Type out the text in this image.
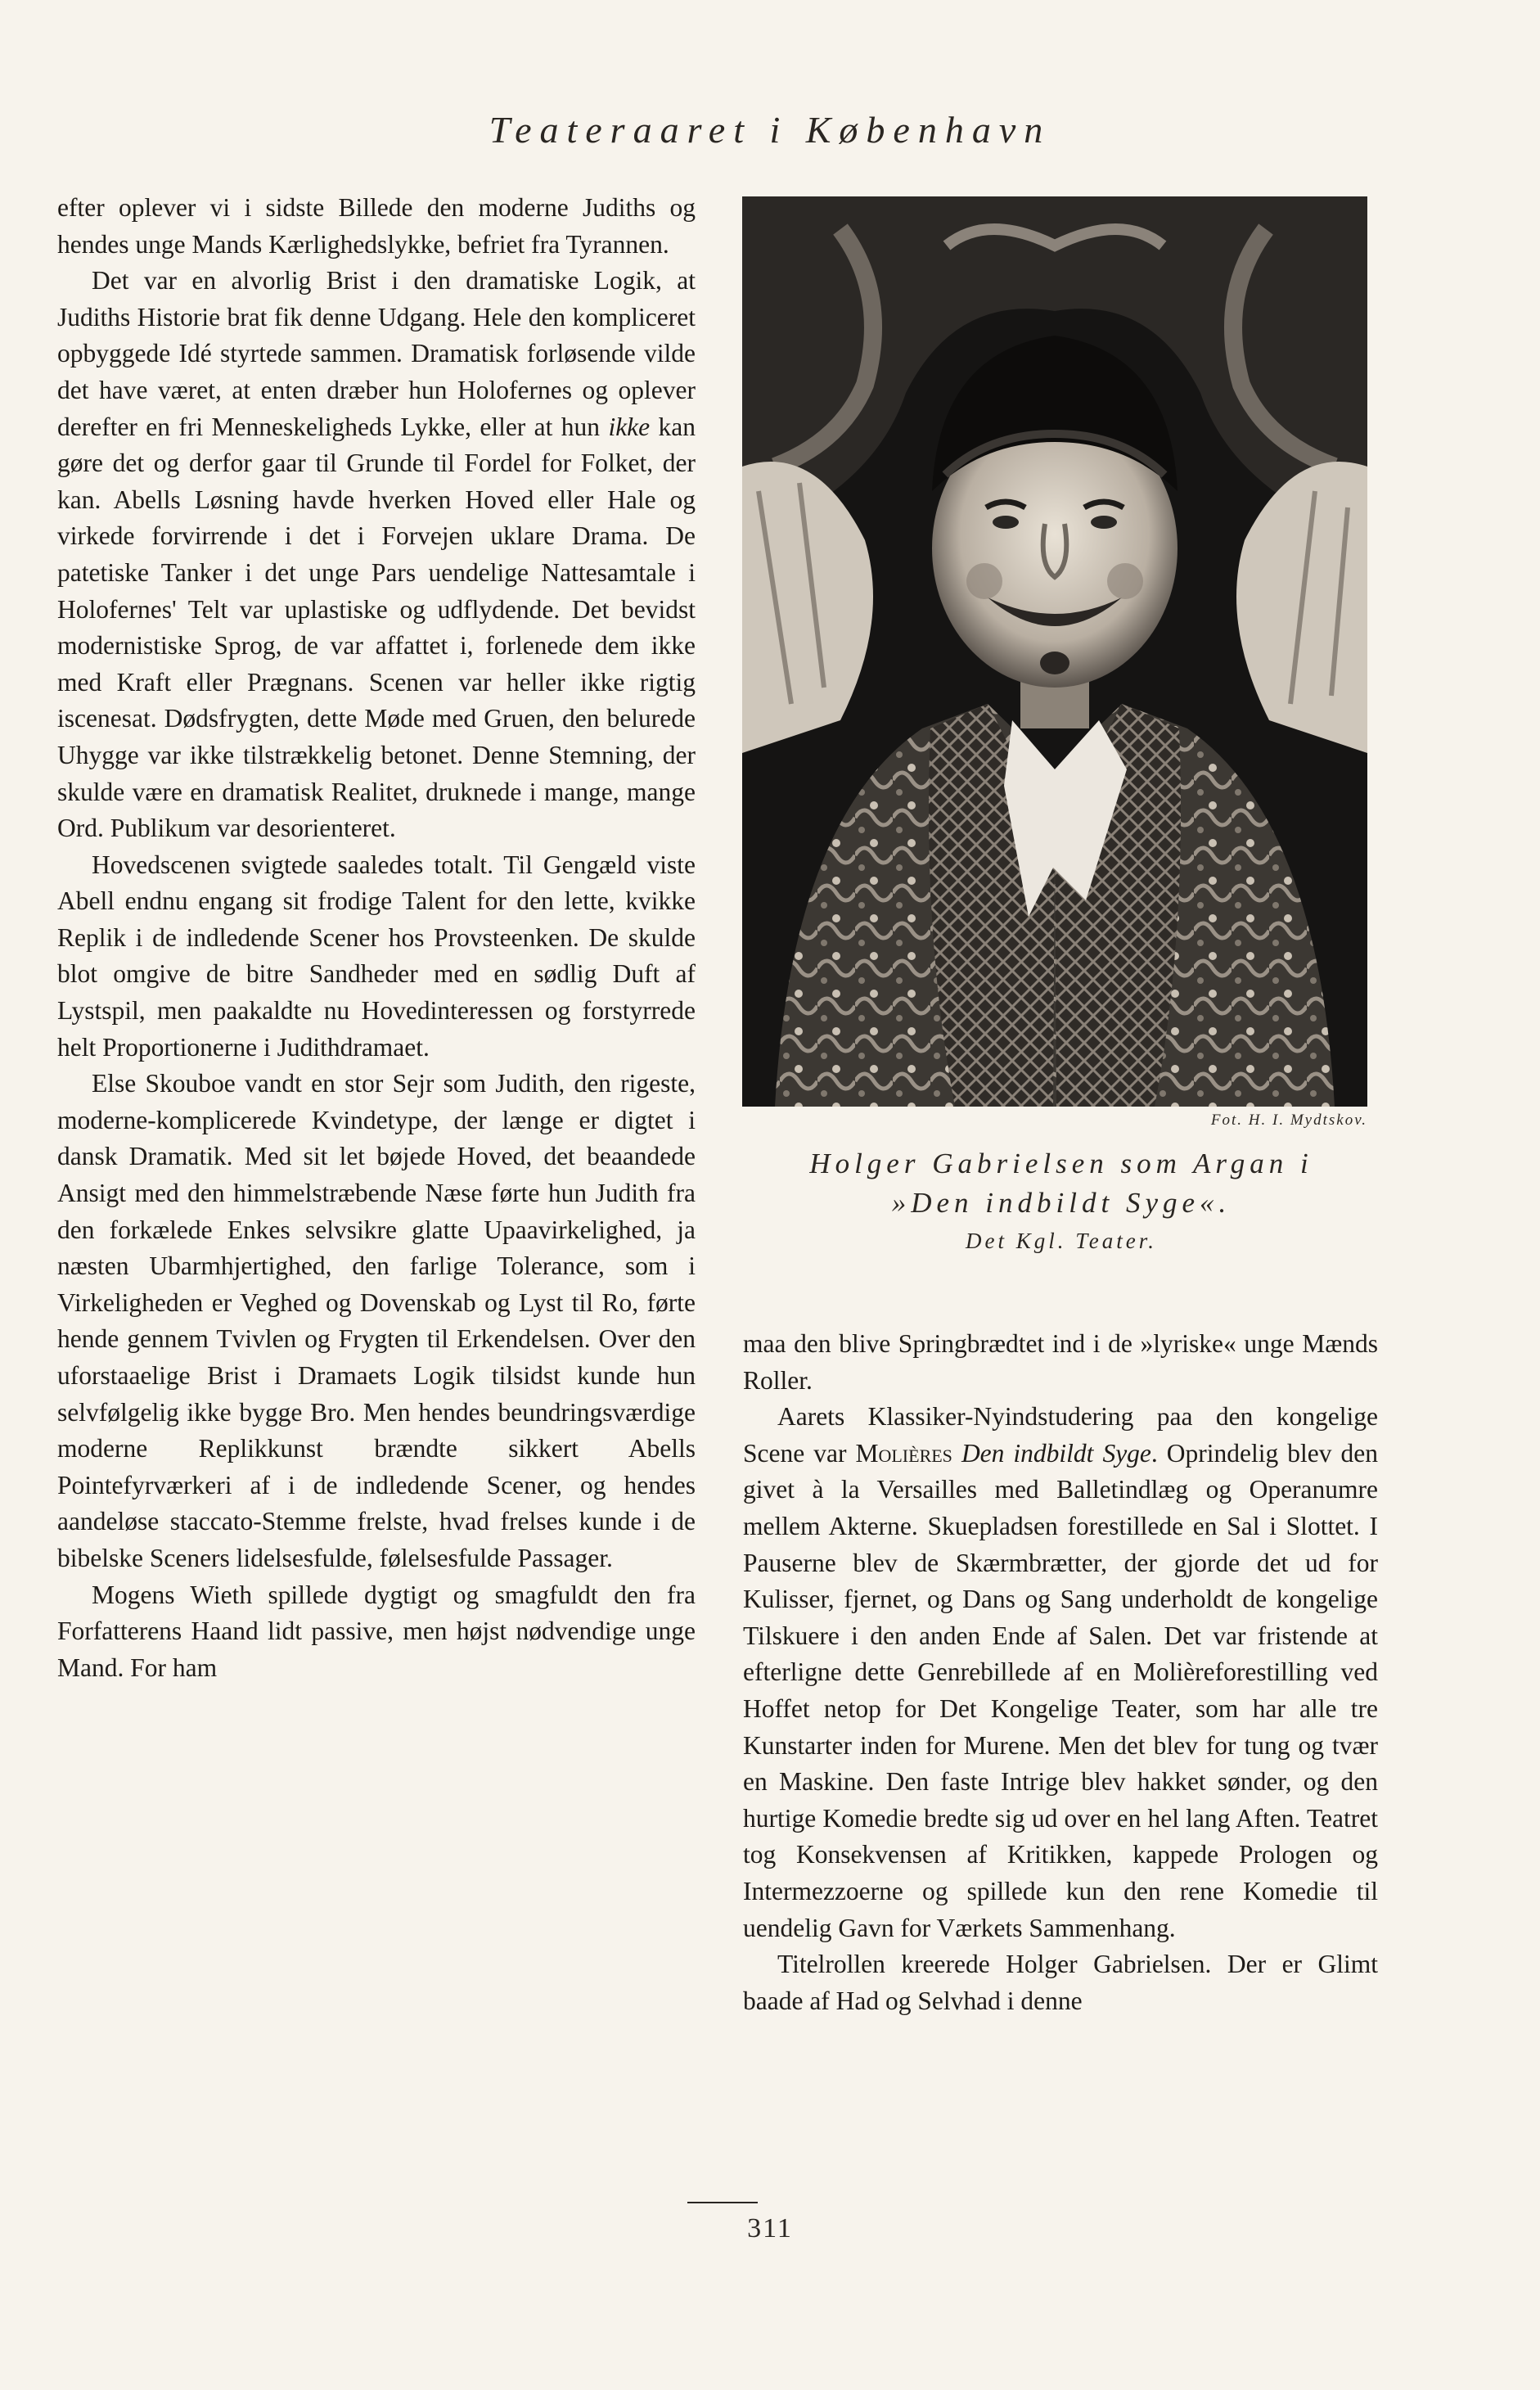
Teateraaret i København

efter oplever vi i sidste Billede den moderne Judiths og hendes unge Mands Kærlighedslykke, befriet fra Tyrannen.

Det var en alvorlig Brist i den dramatiske Logik, at Judiths Historie brat fik denne Udgang. Hele den kompliceret opbyggede Idé styrtede sammen. Dramatisk forløsende vilde det have været, at enten dræber hun Holofernes og oplever derefter en fri Menneskeligheds Lykke, eller at hun ikke kan gøre det og derfor gaar til Grunde til Fordel for Folket, der kan. Abells Løsning havde hverken Hoved eller Hale og virkede forvirrende i det i Forvejen uklare Drama. De patetiske Tanker i det unge Pars uendelige Nattesamtale i Holofernes' Telt var uplastiske og udflydende. Det bevidst modernistiske Sprog, de var affattet i, forlenede dem ikke med Kraft eller Prægnans. Scenen var heller ikke rigtig iscenesat. Dødsfrygten, dette Møde med Gruen, den belurede Uhygge var ikke tilstrækkelig betonet. Denne Stemning, der skulde være en dramatisk Realitet, druknede i mange, mange Ord. Publikum var desorienteret.

Hovedscenen svigtede saaledes totalt. Til Gengæld viste Abell endnu engang sit frodige Talent for den lette, kvikke Replik i de indledende Scener hos Provsteenken. De skulde blot omgive de bitre Sandheder med en sødlig Duft af Lystspil, men paakaldte nu Hovedinteressen og forstyrrede helt Proportionerne i Judithdramaet.

Else Skouboe vandt en stor Sejr som Judith, den rigeste, moderne-komplicerede Kvindetype, der længe er digtet i dansk Dramatik. Med sit let bøjede Hoved, det beaandede Ansigt med den himmelstræbende Næse førte hun Judith fra den forkælede Enkes selvsikre glatte Upaavirkelighed, ja næsten Ubarmhjertighed, den farlige Tolerance, som i Virkeligheden er Veghed og Dovenskab og Lyst til Ro, førte hende gennem Tvivlen og Frygten til Erkendelsen. Over den uforstaaelige Brist i Dramaets Logik tilsidst kunde hun selvfølgelig ikke bygge Bro. Men hendes beundringsværdige moderne Replikkunst brændte sikkert Abells Pointefyrværkeri af i de indledende Scener, og hendes aandeløse staccato-Stemme frelste, hvad frelses kunde i de bibelske Sceners lidelsesfulde, følelsesfulde Passager.

Mogens Wieth spillede dygtigt og smagfuldt den fra Forfatterens Haand lidt passive, men højst nødvendige unge Mand. For ham

Fot. H. I. Mydtskov.
Holger Gabrielsen som Argan i
»Den indbildt Syge«.
Det Kgl. Teater.

maa den blive Springbrædtet ind i de »lyriske« unge Mænds Roller.

Aarets Klassiker-Nyindstudering paa den kongelige Scene var Molières Den indbildt Syge. Oprindelig blev den givet à la Versailles med Balletindlæg og Operanumre mellem Akterne. Skuepladsen forestillede en Sal i Slottet. I Pauserne blev de Skærmbrætter, der gjorde det ud for Kulisser, fjernet, og Dans og Sang underholdt de kongelige Tilskuere i den anden Ende af Salen. Det var fristende at efterligne dette Genrebillede af en Molièreforestilling ved Hoffet netop for Det Kongelige Teater, som har alle tre Kunstarter inden for Murene. Men det blev for tung og tvær en Maskine. Den faste Intrige blev hakket sønder, og den hurtige Komedie bredte sig ud over en hel lang Aften. Teatret tog Konsekvensen af Kritikken, kappede Prologen og Intermezzoerne og spillede kun den rene Komedie til uendelig Gavn for Værkets Sammenhang.

Titelrollen kreerede Holger Gabrielsen. Der er Glimt baade af Had og Selvhad i denne

311
